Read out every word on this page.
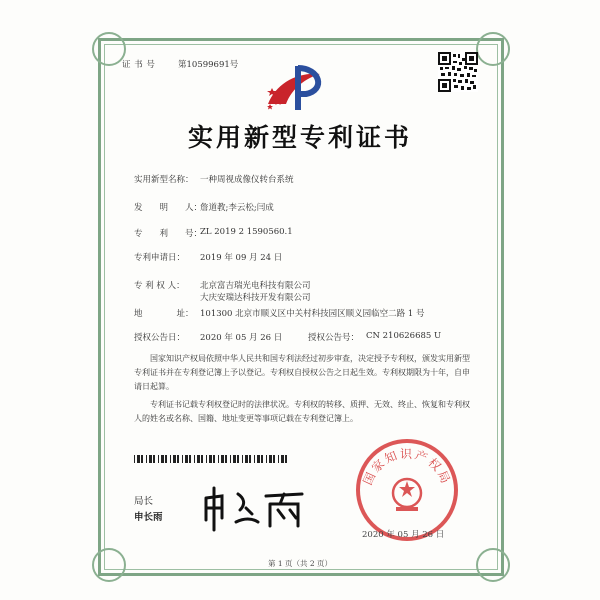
证 书 号	第10599691号
实用新型专利证书
实用新型名称： 一种周视成像仪转台系统
发　　明　　人：
詹道教;李云松;闫成
专　　利　　号：
ZL 2019 2 1590560.1
专利申请日： 2019 年 09 月 24 日
专 利 权 人： 北京富吉瑞光电科技有限公司
大庆安瑞达科技开发有限公司
地　　　　址： 101300 北京市顺义区中关村科技园区顺义园临空二路 1 号
授权公告日： 2020 年 05 月 26 日	授权公告号： CN 210626685 U
国家知识产权局依照中华人民共和国专利法经过初步审查，决定授予专利权，颁发实用新型专利证书并在专利登记簿上予以登记。专利权自授权公告之日起生效。专利权期限为十年，自申请日起算。
专利证书记载专利权登记时的法律状况。专利权的转移、质押、无效、终止、恢复和专利权人的姓名或名称、国籍、地址变更等事项记载在专利登记簿上。
局长
申长雨
国家知识产权局
2020 年 05 月 26 日
第 1 页（共 2 页）
